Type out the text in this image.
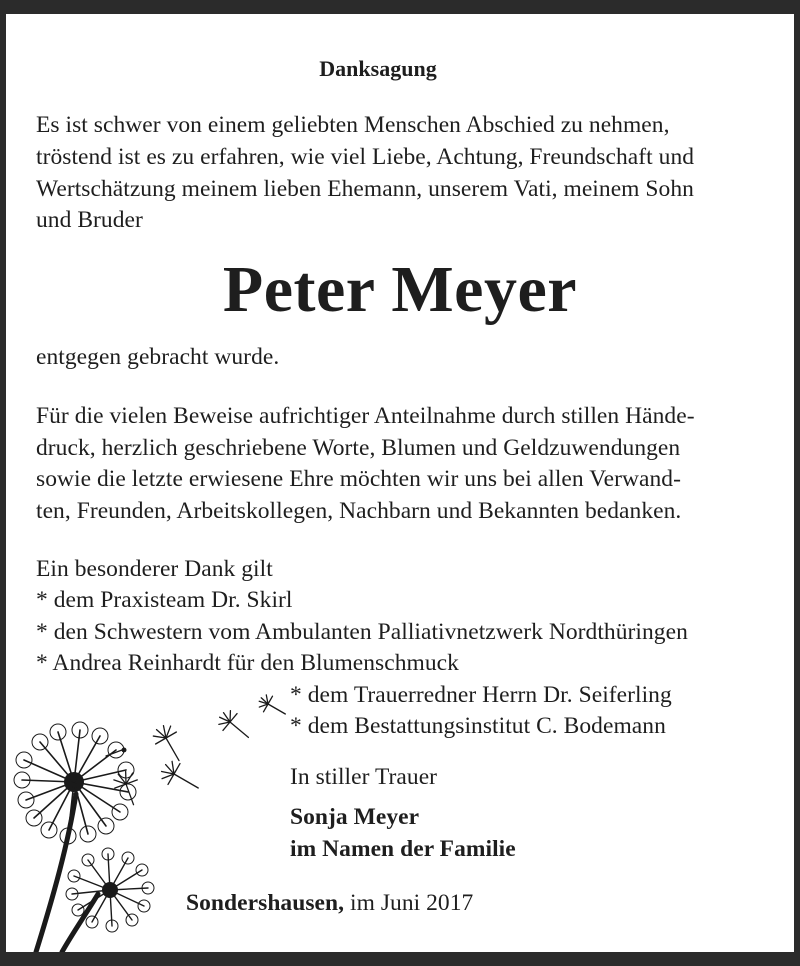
Danksagung
Es ist schwer von einem geliebten Menschen Abschied zu nehmen,
tröstend ist es zu erfahren, wie viel Liebe, Achtung, Freundschaft und
Wertschätzung meinem lieben Ehemann, unserem Vati, meinem Sohn
und Bruder
Peter Meyer
entgegen gebracht wurde.
Für die vielen Beweise aufrichtiger Anteilnahme durch stillen Hände-
druck, herzlich geschriebene Worte, Blumen und Geldzuwendungen
sowie die letzte erwiesene Ehre möchten wir uns bei allen Verwand-
ten, Freunden, Arbeitskollegen, Nachbarn und Bekannten bedanken.
Ein besonderer Dank gilt
* dem Praxisteam Dr. Skirl
* den Schwestern vom Ambulanten Palliativnetzwerk Nordthüringen
* Andrea Reinhardt für den Blumenschmuck
* dem Trauerredner Herrn Dr. Seiferling
* dem Bestattungsinstitut C. Bodemann
In stiller Trauer
Sonja Meyer
im Namen der Familie
Sondershausen, im Juni 2017
